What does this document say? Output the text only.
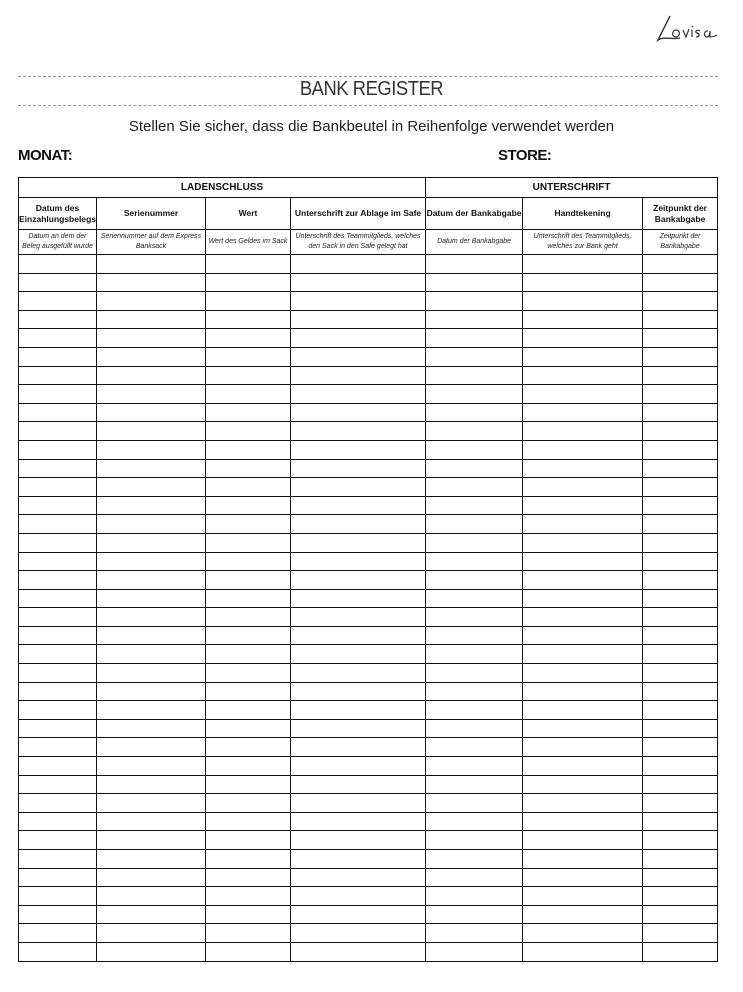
BANK REGISTER
Stellen Sie sicher, dass die Bankbeutel in Reihenfolge verwendet werden
MONAT:	STORE:
LADENSCHLUSS				UNTERSCHRIFT		
Datum des Einzahlungsbelegs	Serienummer	Wert	Unterschrift zur Ablage im Safe	Datum der Bankabgabe	Handtekening	Zeitpunkt der Bankabgabe
Datum an dem der Beleg ausgefüllt wurde	Seriennummer auf dem Express Banksack	Wert des Geldes im Sack	Unterschrift des Teammitglieds, welches den Sack in den Safe gelegt hat	Datum der Bankabgabe	Unterschrift des Teammitglieds, welches zur Bank geht	Zeitpunkt der Bankabgabe
